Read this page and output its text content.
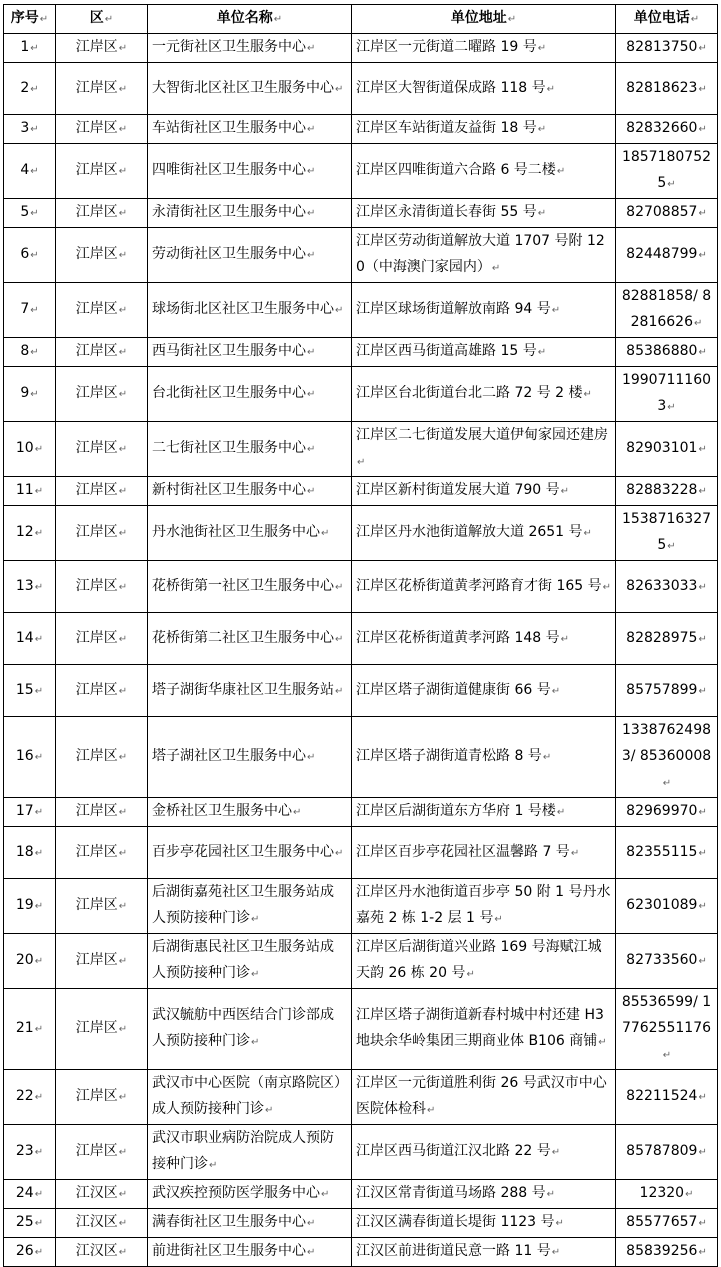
序号↵	区↵	单位名称↵	单位地址↵	单位电话↵
1↵	江岸区↵	一元街社区卫生服务中心↵	江岸区一元街道二曜路 19 号↵	82813750↵
2↵	江岸区↵	大智街北区社区卫生服务中心↵	江岸区大智街道保成路 118 号↵	82818623↵
3↵	江岸区↵	车站街社区卫生服务中心↵	江岸区车站街道友益街 18 号↵	82832660↵
4↵	江岸区↵	四唯街社区卫生服务中心↵	江岸区四唯街道六合路 6 号二楼↵	18571807525↵
5↵	江岸区↵	永清街社区卫生服务中心↵	江岸区永清街道长春街 55 号↵	82708857↵
6↵	江岸区↵	劳动街社区卫生服务中心↵	江岸区劳动街道解放大道 1707 号附 120（中海澳门家园内）↵	82448799↵
7↵	江岸区↵	球场街北区社区卫生服务中心↵	江岸区球场街道解放南路 94 号↵	82881858/ 82816626↵
8↵	江岸区↵	西马街社区卫生服务中心↵	江岸区西马街道高雄路 15 号↵	85386880↵
9↵	江岸区↵	台北街社区卫生服务中心↵	江岸区台北街道台北二路 72 号 2 楼↵	19907111603↵
10↵	江岸区↵	二七街社区卫生服务中心↵	江岸区二七街道发展大道伊甸家园还建房↵	82903101↵
11↵	江岸区↵	新村街社区卫生服务中心↵	江岸区新村街道发展大道 790 号↵	82883228↵
12↵	江岸区↵	丹水池街社区卫生服务中心↵	江岸区丹水池街道解放大道 2651 号↵	15387163275↵
13↵	江岸区↵	花桥街第一社区卫生服务中心↵	江岸区花桥街道黄孝河路育才街 165 号↵	82633033↵
14↵	江岸区↵	花桥街第二社区卫生服务中心↵	江岸区花桥街道黄孝河路 148 号↵	82828975↵
15↵	江岸区↵	塔子湖街华康社区卫生服务站↵	江岸区塔子湖街道健康街 66 号↵	85757899↵
16↵	江岸区↵	塔子湖社区卫生服务中心↵	江岸区塔子湖街道青松路 8 号↵	13387624983/ 85360008↵
17↵	江岸区↵	金桥社区卫生服务中心↵	江岸区后湖街道东方华府 1 号楼↵	82969970↵
18↵	江岸区↵	百步亭花园社区卫生服务中心↵	江岸区百步亭花园社区温馨路 7 号↵	82355115↵
19↵	江岸区↵	后湖街嘉苑社区卫生服务站成人预防接种门诊↵	江岸区丹水池街道百步亭 50 附 1 号丹水嘉苑 2 栋 1-2 层 1 号↵	62301089↵
20↵	江岸区↵	后湖街惠民社区卫生服务站成人预防接种门诊↵	江岸区后湖街道兴业路 169 号海赋江城天韵 26 栋 20 号↵	82733560↵
21↵	江岸区↵	武汉毓舫中西医结合门诊部成人预防接种门诊↵	江岸区塔子湖街道新春村城中村还建 H3 地块余华岭集团三期商业体 B106 商铺↵	85536599/ 17762551176↵
22↵	江岸区↵	武汉市中心医院（南京路院区）成人预防接种门诊↵	江岸区一元街道胜利街 26 号武汉市中心医院体检科↵	82211524↵
23↵	江岸区↵	武汉市职业病防治院成人预防接种门诊↵	江岸区西马街道江汉北路 22 号↵	85787809↵
24↵	江汉区↵	武汉疾控预防医学服务中心↵	江汉区常青街道马场路 288 号↵	12320↵
25↵	江汉区↵	满春街社区卫生服务中心↵	江汉区满春街道长堤街 1123 号↵	85577657↵
26↵	江汉区↵	前进街社区卫生服务中心↵	江汉区前进街道民意一路 11 号↵	85839256↵
